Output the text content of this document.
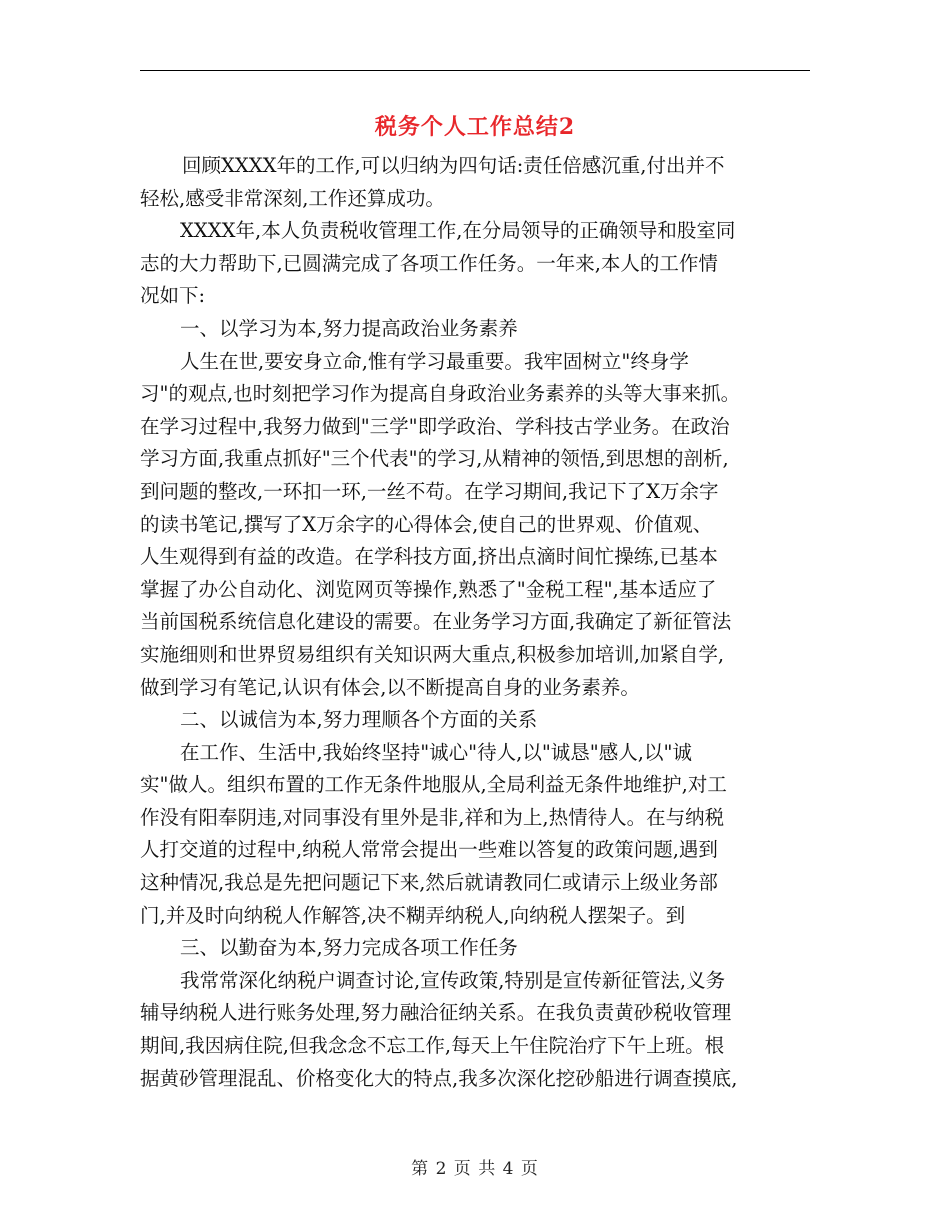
税务个人工作总结2
回顾XXXX年的工作,可以归纳为四句话:责任倍感沉重,付出并不
轻松,感受非常深刻,工作还算成功。
XXXX年,本人负责税收管理工作,在分局领导的正确领导和股室同
志的大力帮助下,已圆满完成了各项工作任务。一年来,本人的工作情
况如下:
一、以学习为本,努力提高政治业务素养
人生在世,要安身立命,惟有学习最重要。我牢固树立"终身学
习"的观点,也时刻把学习作为提高自身政治业务素养的头等大事来抓。
在学习过程中,我努力做到"三学"即学政治、学科技古学业务。在政治
学习方面,我重点抓好"三个代表"的学习,从精神的领悟,到思想的剖析,
到问题的整改,一环扣一环,一丝不苟。在学习期间,我记下了X万余字
的读书笔记,撰写了X万余字的心得体会,使自己的世界观、价值观、
人生观得到有益的改造。在学科技方面,挤出点滴时间忙操练,已基本
掌握了办公自动化、浏览网页等操作,熟悉了"金税工程",基本适应了
当前国税系统信息化建设的需要。在业务学习方面,我确定了新征管法
实施细则和世界贸易组织有关知识两大重点,积极参加培训,加紧自学,
做到学习有笔记,认识有体会,以不断提高自身的业务素养。
二、以诚信为本,努力理顺各个方面的关系
在工作、生活中,我始终坚持"诚心"待人,以"诚恳"感人,以"诚
实"做人。组织布置的工作无条件地服从,全局利益无条件地维护,对工
作没有阳奉阴违,对同事没有里外是非,祥和为上,热情待人。在与纳税
人打交道的过程中,纳税人常常会提出一些难以答复的政策问题,遇到
这种情况,我总是先把问题记下来,然后就请教同仁或请示上级业务部
门,并及时向纳税人作解答,决不糊弄纳税人,向纳税人摆架子。到
三、以勤奋为本,努力完成各项工作任务
我常常深化纳税户调查讨论,宣传政策,特别是宣传新征管法,义务
辅导纳税人进行账务处理,努力融洽征纳关系。在我负责黄砂税收管理
期间,我因病住院,但我念念不忘工作,每天上午住院治疗下午上班。根
据黄砂管理混乱、价格变化大的特点,我多次深化挖砂船进行调查摸底,
第 2 页 共 4 页
